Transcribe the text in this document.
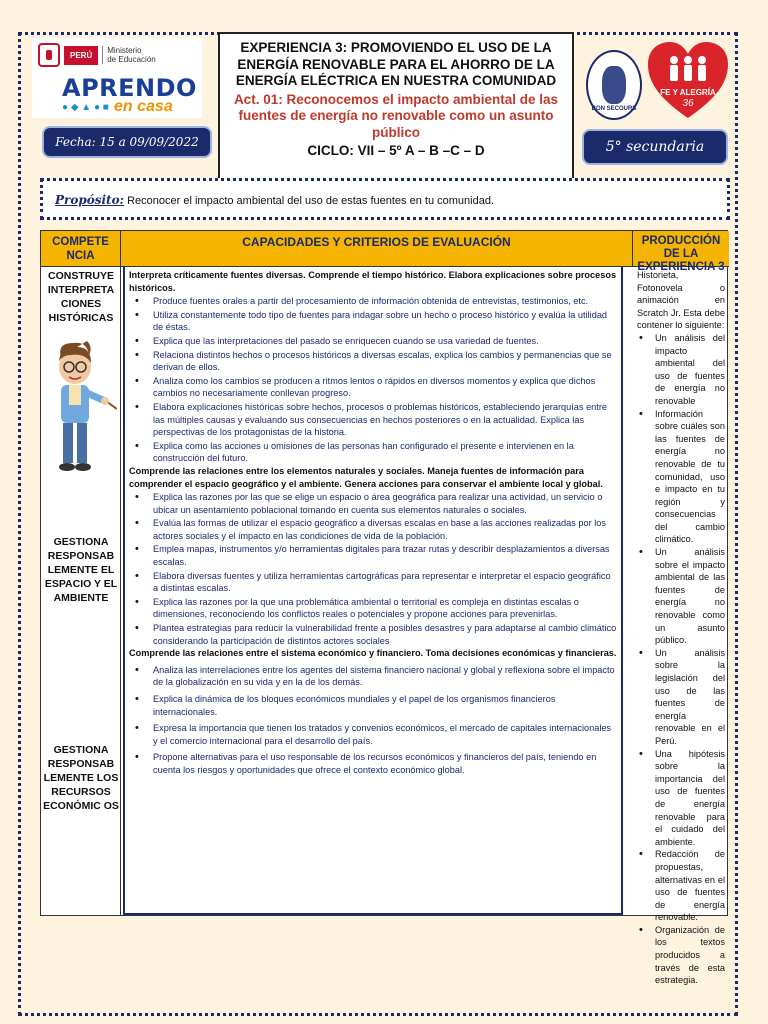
PERÚ	Ministerio
de Educación
APRENDO
● ◆ ▲ ● ■ en casa
Fecha: 15 a 09/09/2022
EXPERIENCIA 3: PROMOVIENDO EL USO DE LA ENERGÍA RENOVABLE PARA EL AHORRO DE LA ENERGÍA ELÉCTRICA EN NUESTRA COMUNIDAD
Act. 01: Reconocemos el impacto ambiental de las fuentes de energía no renovable como un asunto público
CICLO: VII – 5º A – B –C – D
BON SECOURS
FE Y ALEGRÍA
36
5° secundaria
Propósito: Reconocer el impacto ambiental del uso de estas fuentes en tu comunidad.
COMPETE NCIA
CAPACIDADES Y CRITERIOS DE EVALUACIÓN	PRODUCCIÓN DE LA EXPERIENCIA 3
CONSTRUYE INTERPRETA CIONES HISTÓRICAS
GESTIONA RESPONSAB LEMENTE EL ESPACIO Y EL AMBIENTE
GESTIONA RESPONSAB LEMENTE LOS RECURSOS ECONÓMIC OS
Interpreta críticamente fuentes diversas. Comprende el tiempo histórico. Elabora explicaciones sobre procesos históricos.
• Produce fuentes orales a partir del procesamiento de información obtenida de entrevistas, testimonios, etc.
• Utiliza constantemente todo tipo de fuentes para indagar sobre un hecho o proceso histórico y evalúa la utilidad de éstas.
• Explica que las interpretaciones del pasado se enriquecen cuando se usa variedad de fuentes.
• Relaciona distintos hechos o procesos históricos a diversas escalas, explica los cambios y permanencias que se derivan de ellos.
• Analiza como los cambios se producen a ritmos lentos o rápidos en diversos momentos y explica que dichos cambios no necesariamente conllevan progreso.
• Elabora explicaciones históricas sobre hechos, procesos o problemas históricos, estableciendo jerarquías entre las múltiples causas y evaluando sus consecuencias en hechos posteriores o en la actualidad. Explica las perspectivas de los protagonistas de la historia.
• Explica como las acciones u omisiones de las personas han configurado el presente e intervienen en la construcción del futuro.
Comprende las relaciones entre los elementos naturales y sociales. Maneja fuentes de información para comprender el espacio geográfico y el ambiente. Genera acciones para conservar el ambiente local y global.
• Explica las razones por las que se elige un espacio o área geográfica para realizar una actividad, un servicio o ubicar un asentamiento poblacional tomando en cuenta sus elementos naturales o sociales.
• Evalúa las formas de utilizar el espacio geográfico a diversas escalas en base a las acciones realizadas por los actores sociales y el impacto en las condiciones de vida de la población.
• Emplea mapas, instrumentos y/o herramientas digitales para trazar rutas y describir desplazamientos a diversas escalas.
• Elabora diversas fuentes y utiliza herramientas cartográficas para representar e interpretar el espacio geográfico a distintas escalas.
• Explica las razones por la que una problemática ambiental o territorial es compleja en distintas escalas o dimensiones, reconociendo los conflictos reales o potenciales y propone acciones para prevenirlas.
• Plantea estrategias para reducir la vulnerabilidad frente a posibles desastres y para adaptarse al cambio climático considerando la participación de distintos actores sociales
Comprende las relaciones entre el sistema económico y financiero. Toma decisiones económicas y financieras.
• Analiza las interrelaciones entre los agentes del sistema financiero nacional y global y reflexiona sobre el impacto de la globalización en su vida y en la de los demás.
• Explica la dinámica de los bloques económicos mundiales y el papel de los organismos financieros internacionales.
• Expresa la importancia que tienen los tratados y convenios económicos, el mercado de capitales internacionales y el comercio internacional para el desarrollo del país.
• Propone alternativas para el uso responsable de los recursos económicos y financieros del país, teniendo en cuenta los riesgos y oportunidades que ofrece el contexto económico global.
Historieta, Fotonovela o animación en Scratch Jr. Esta debe contener lo siguiente:
• Un análisis del impacto ambiental del uso de fuentes de energía no renovable
• Información sobre cuáles son las fuentes de energía no renovable de tu comunidad, uso e impacto en tu región y consecuencias del cambio climático.
• Un análisis sobre el impacto ambiental de las fuentes de energía no renovable como un asunto público.
• Un análisis sobre la legislación del uso de las fuentes de energía renovable en el Perú.
• Una hipótesis sobre la importancia del uso de fuentes de energía renovable para el cuidado del ambiente.
• Redacción de propuestas, alternativas en el uso de fuentes de energía renovable.
• Organización de los textos producidos a través de esta estrategia.
